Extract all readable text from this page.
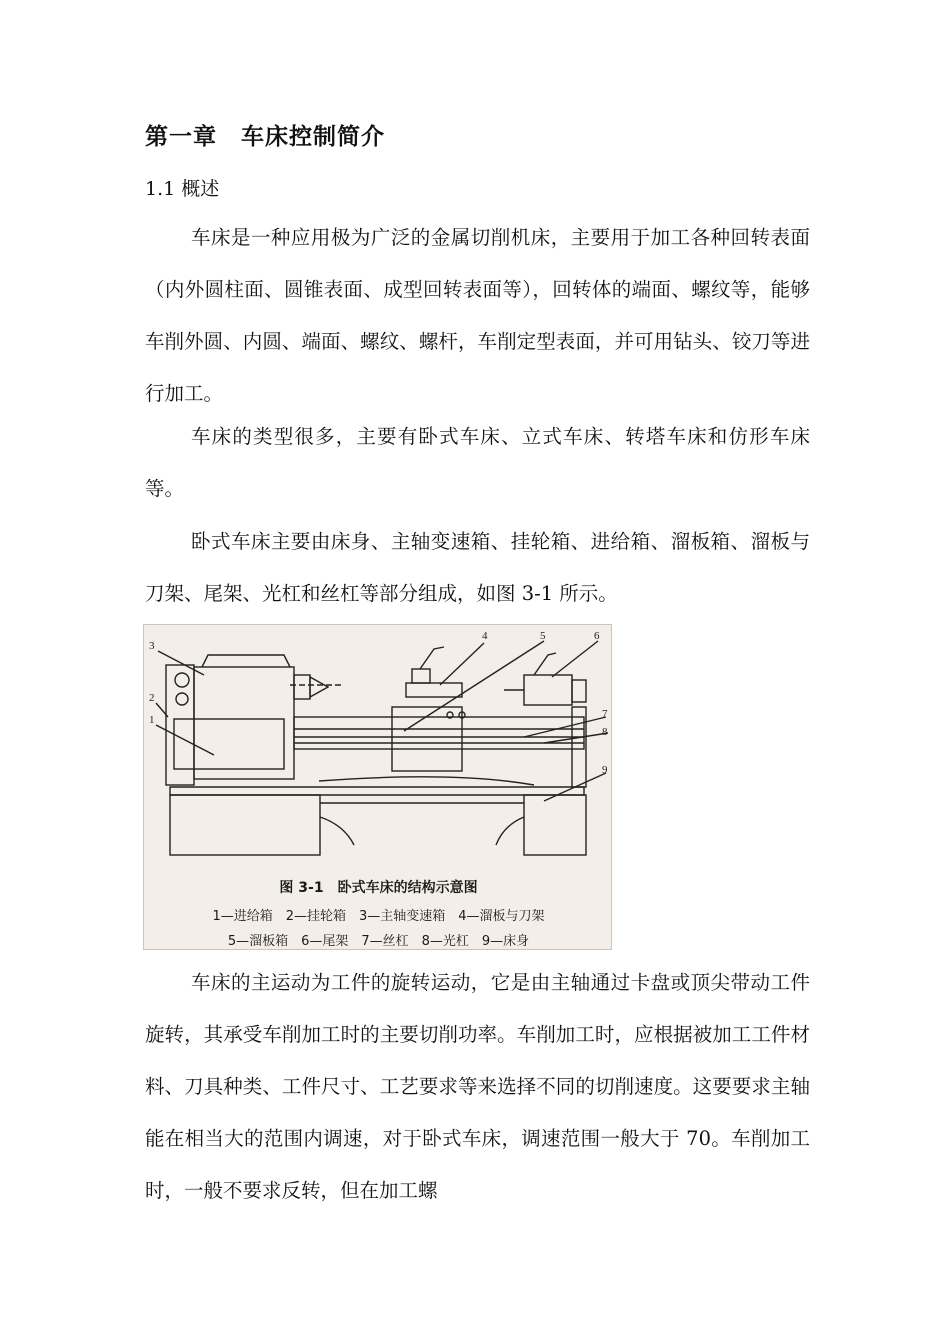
第一章　车床控制简介
1.1 概述

车床是一种应用极为广泛的金属切削机床，主要用于加工各种回转表面（内外圆柱面、圆锥表面、成型回转表面等），回转体的端面、螺纹等，能够车削外圆、内圆、端面、螺纹、螺杆，车削定型表面，并可用钻头、铰刀等进行加工。

车床的类型很多，主要有卧式车床、立式车床、转塔车床和仿形车床等。

卧式车床主要由床身、主轴变速箱、挂轮箱、进给箱、溜板箱、溜板与刀架、尾架、光杠和丝杠等部分组成，如图 3-1 所示。

3
2
1
4	5	6
7
8
9
图 3-1　卧式车床的结构示意图
1—进给箱　2—挂轮箱　3—主轴变速箱　4—溜板与刀架
5—溜板箱　6—尾架　7—丝杠　8—光杠　9—床身

车床的主运动为工件的旋转运动，它是由主轴通过卡盘或顶尖带动工件旋转，其承受车削加工时的主要切削功率。车削加工时，应根据被加工工件材料、刀具种类、工件尺寸、工艺要求等来选择不同的切削速度。这要要求主轴能在相当大的范围内调速，对于卧式车床，调速范围一般大于 70。车削加工时，一般不要求反转，但在加工螺
